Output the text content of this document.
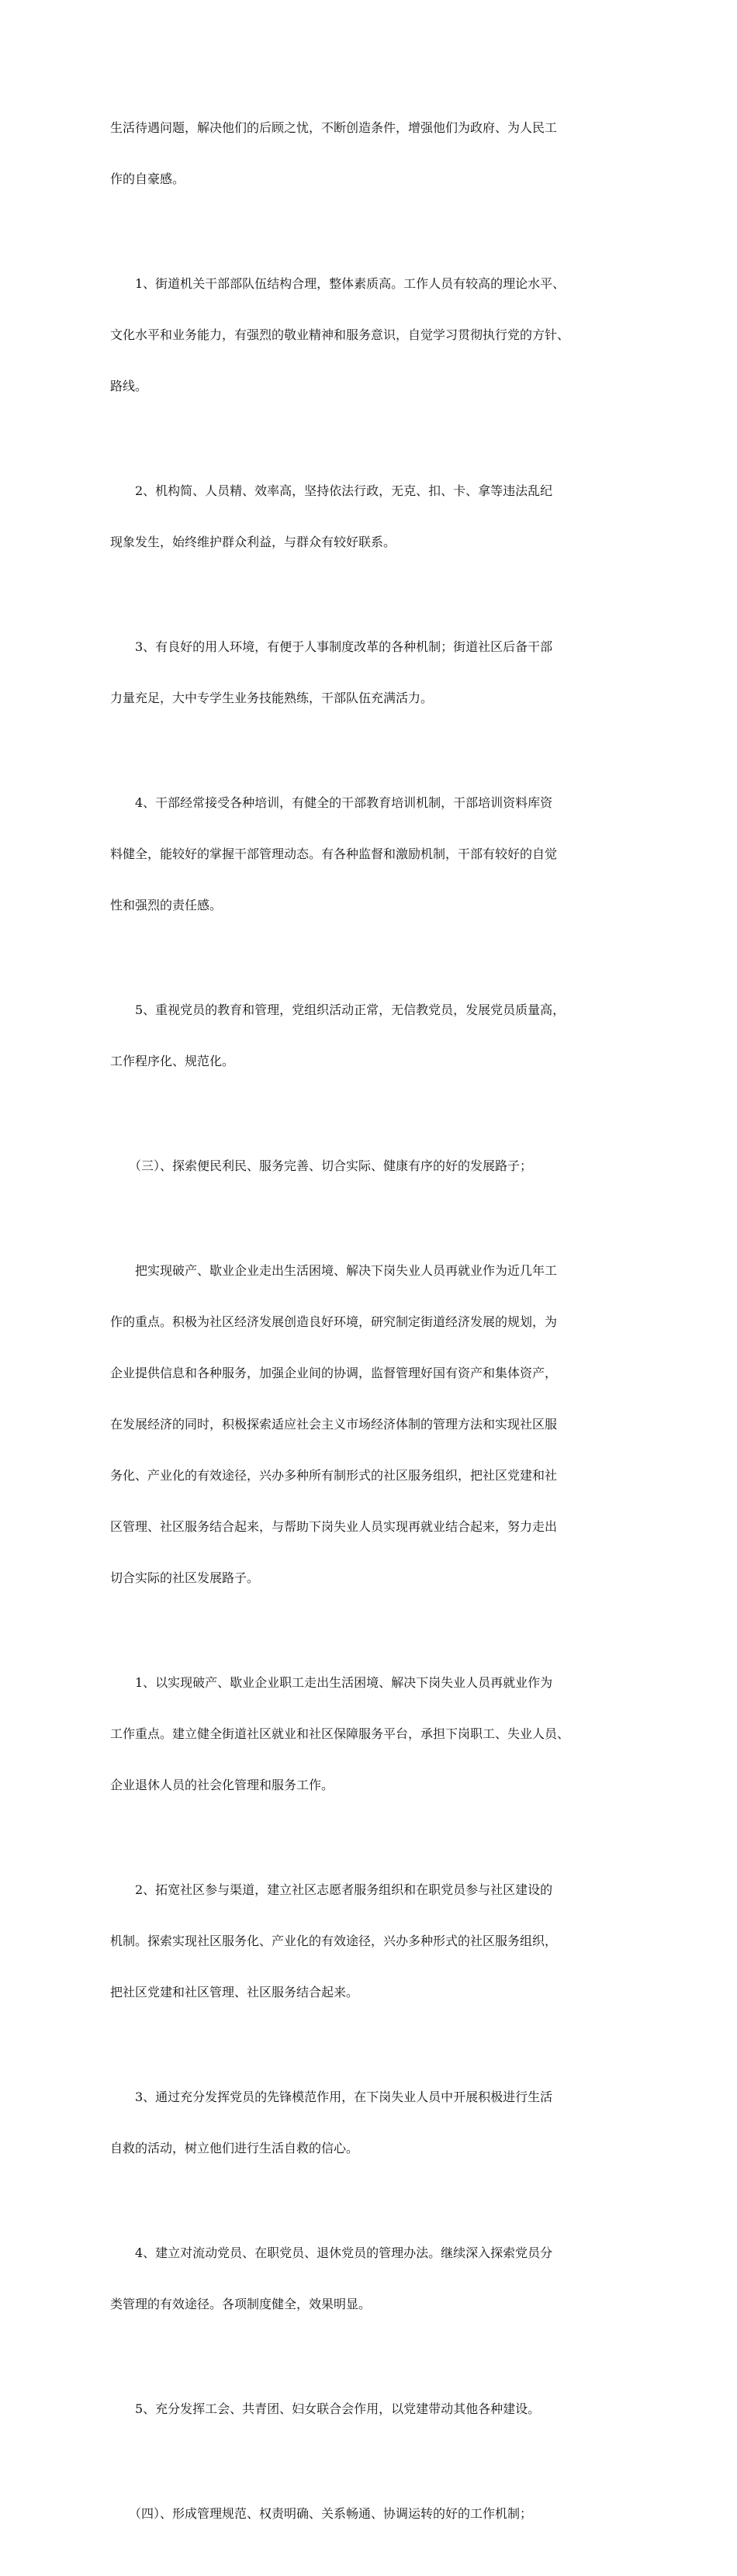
生活待遇问题，解决他们的后顾之忧，不断创造条件，增强他们为政府、为人民工

作的自豪感。

　　1、街道机关干部部队伍结构合理，整体素质高。工作人员有较高的理论水平、

文化水平和业务能力，有强烈的敬业精神和服务意识，自觉学习贯彻执行党的方针、

路线。

　　2、机构简、人员精、效率高，坚持依法行政，无克、扣、卡、拿等违法乱纪

现象发生，始终维护群众利益，与群众有较好联系。

　　3、有良好的用人环境，有便于人事制度改革的各种机制；街道社区后备干部

力量充足，大中专学生业务技能熟练，干部队伍充满活力。

　　4、干部经常接受各种培训，有健全的干部教育培训机制，干部培训资料库资

料健全，能较好的掌握干部管理动态。有各种监督和激励机制，干部有较好的自觉

性和强烈的责任感。

　　5、重视党员的教育和管理，党组织活动正常，无信教党员，发展党员质量高，

工作程序化、规范化。

　　（三）、探索便民利民、服务完善、切合实际、健康有序的好的发展路子；

　　把实现破产、歇业企业走出生活困境、解决下岗失业人员再就业作为近几年工

作的重点。积极为社区经济发展创造良好环境，研究制定街道经济发展的规划，为

企业提供信息和各种服务，加强企业间的协调，监督管理好国有资产和集体资产，

在发展经济的同时，积极探索适应社会主义市场经济体制的管理方法和实现社区服

务化、产业化的有效途径，兴办多种所有制形式的社区服务组织，把社区党建和社

区管理、社区服务结合起来，与帮助下岗失业人员实现再就业结合起来，努力走出

切合实际的社区发展路子。

　　1、以实现破产、歇业企业职工走出生活困境、解决下岗失业人员再就业作为

工作重点。建立健全街道社区就业和社区保障服务平台，承担下岗职工、失业人员、

企业退休人员的社会化管理和服务工作。

　　2、拓宽社区参与渠道，建立社区志愿者服务组织和在职党员参与社区建设的

机制。探索实现社区服务化、产业化的有效途径，兴办多种形式的社区服务组织，

把社区党建和社区管理、社区服务结合起来。

　　3、通过充分发挥党员的先锋模范作用，在下岗失业人员中开展积极进行生活

自救的活动，树立他们进行生活自救的信心。

　　4、建立对流动党员、在职党员、退休党员的管理办法。继续深入探索党员分

类管理的有效途径。各项制度健全，效果明显。

　　5、充分发挥工会、共青团、妇女联合会作用，以党建带动其他各种建设。

　　（四）、形成管理规范、权责明确、关系畅通、协调运转的好的工作机制；
